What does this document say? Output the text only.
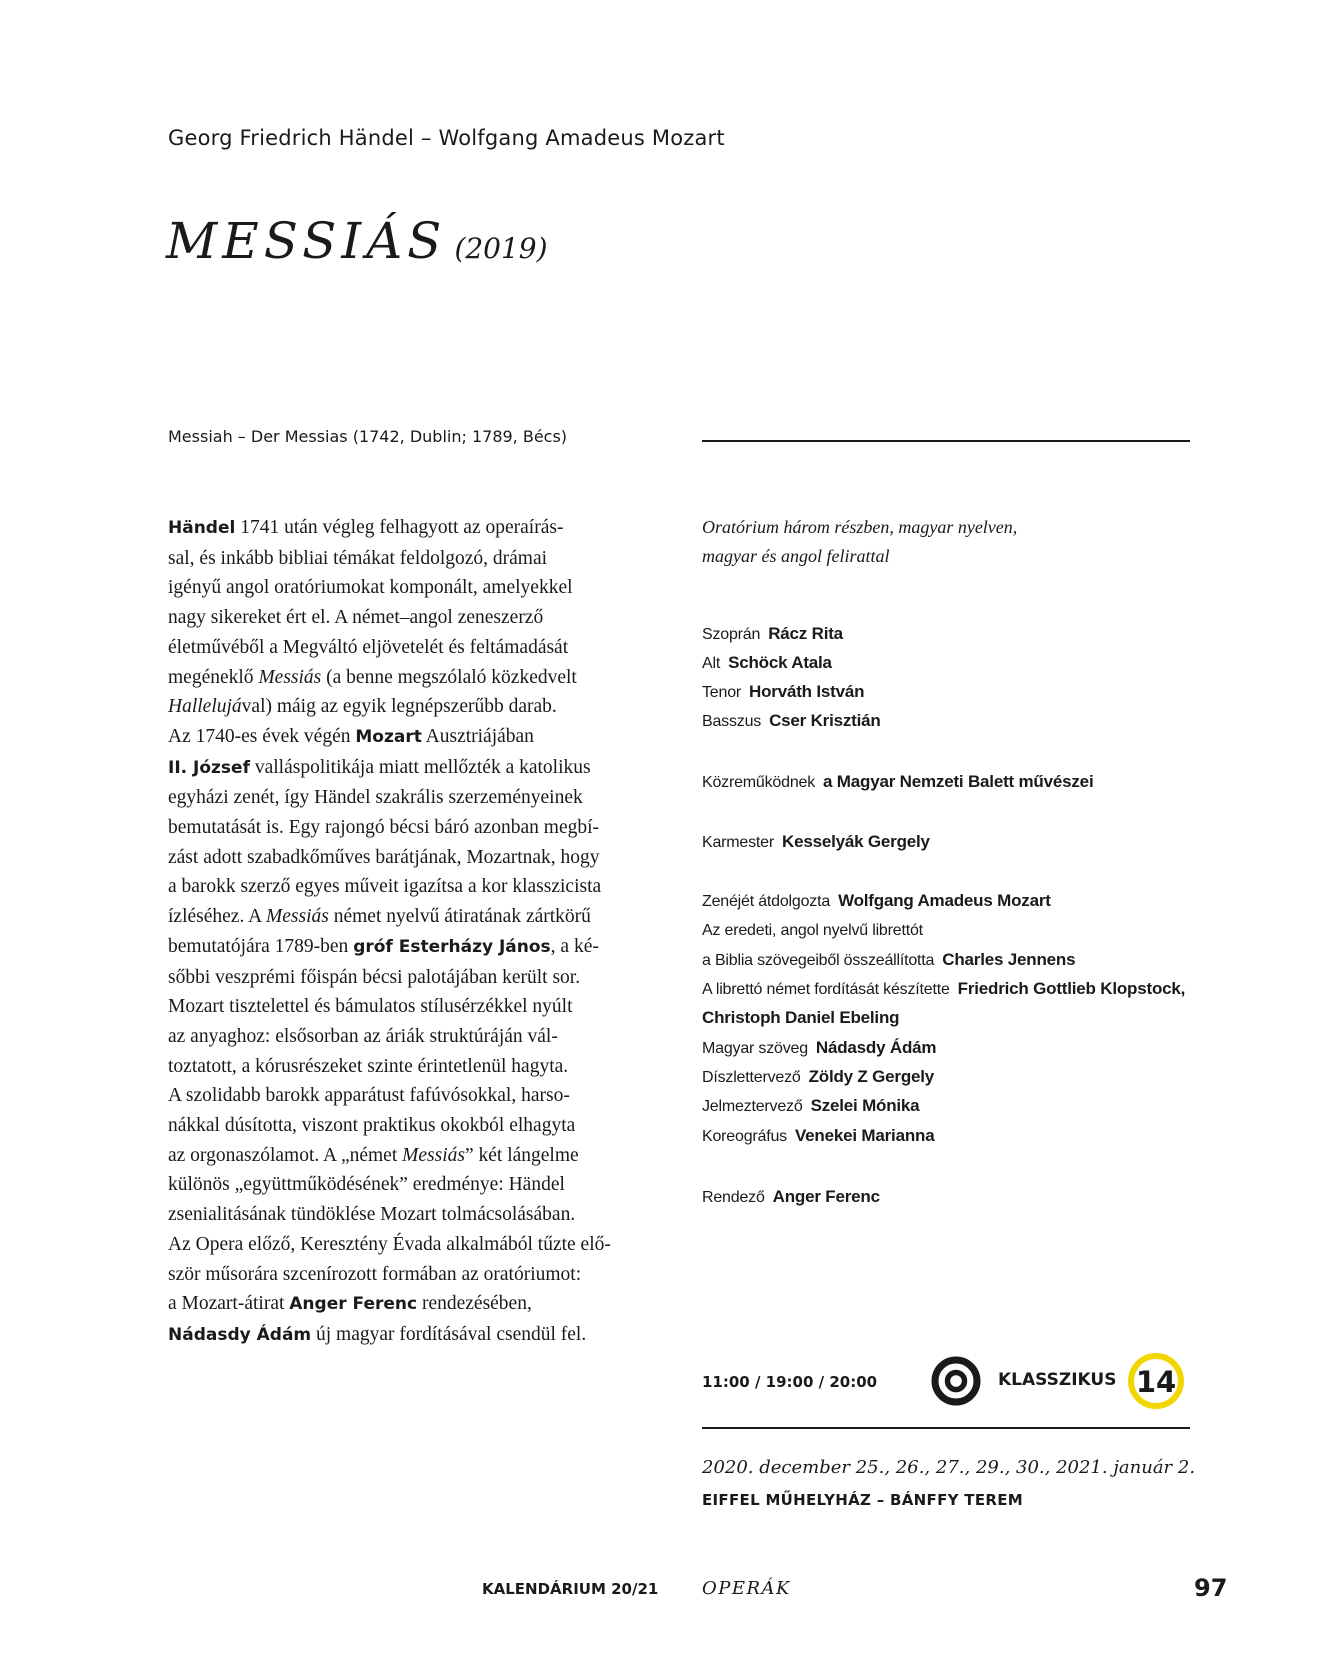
Georg Friedrich Händel – Wolfgang Amadeus Mozart
MESSIÁS (2019)
Messiah – Der Messias (1742, Dublin; 1789, Bécs)
Händel 1741 után végleg felhagyott az operaírás-
sal, és inkább bibliai témákat feldolgozó, drámai
igényű angol oratóriumokat komponált, amelyekkel
nagy sikereket ért el. A német–angol zeneszerző
életművéből a Megváltó eljövetelét és feltámadását
megéneklő Messiás (a benne megszólaló közkedvelt
Hallelujával) máig az egyik legnépszerűbb darab.
Az 1740-es évek végén Mozart Ausztriájában
II. József valláspolitikája miatt mellőzték a katolikus
egyházi zenét, így Händel szakrális szerzeményeinek
bemutatását is. Egy rajongó bécsi báró azonban megbí-
zást adott szabadkőműves barátjának, Mozartnak, hogy
a barokk szerző egyes műveit igazítsa a kor klasszicista
ízléséhez. A Messiás német nyelvű átiratának zártkörű
bemutatójára 1789-ben gróf Esterházy János, a ké-
sőbbi veszprémi főispán bécsi palotájában került sor.
Mozart tisztelettel és bámulatos stílusérzékkel nyúlt
az anyaghoz: elsősorban az áriák struktúráján vál-
toztatott, a kórusrészeket szinte érintetlenül hagyta.
A szolidabb barokk apparátust fafúvósokkal, harso-
nákkal dúsította, viszont praktikus okokból elhagyta
az orgonaszólamot. A „német Messiás” két lángelme
különös „együttműködésének” eredménye: Händel
zsenialitásának tündöklése Mozart tolmácsolásában.
Az Opera előző, Keresztény Évada alkalmából tűzte elő-
ször műsorára szcenírozott formában az oratóriumot:
a Mozart-átirat Anger Ferenc rendezésében,
Nádasdy Ádám új magyar fordításával csendül fel.
Oratórium három részben, magyar nyelven,
magyar és angol felirattal
Szoprán Rácz Rita
Alt Schöck Atala
Tenor Horváth István
Basszus Cser Krisztián
Közreműködnek a Magyar Nemzeti Balett művészei
Karmester Kesselyák Gergely
Zenéjét átdolgozta Wolfgang Amadeus Mozart
Az eredeti, angol nyelvű librettót
a Biblia szövegeiből összeállította Charles Jennens
A librettó német fordítását készítette Friedrich Gottlieb Klopstock,
Christoph Daniel Ebeling
Magyar szöveg Nádasdy Ádám
Díszlettervező Zöldy Z Gergely
Jelmeztervező Szelei Mónika
Koreográfus Venekei Marianna
Rendező Anger Ferenc
11:00 / 19:00 / 20:00	KLASSZIKUS 14
2020. december 25., 26., 27., 29., 30., 2021. január 2.
EIFFEL MŰHELYHÁZ – BÁNFFY TEREM
KALENDÁRIUM 20/21 OPERÁK	97
